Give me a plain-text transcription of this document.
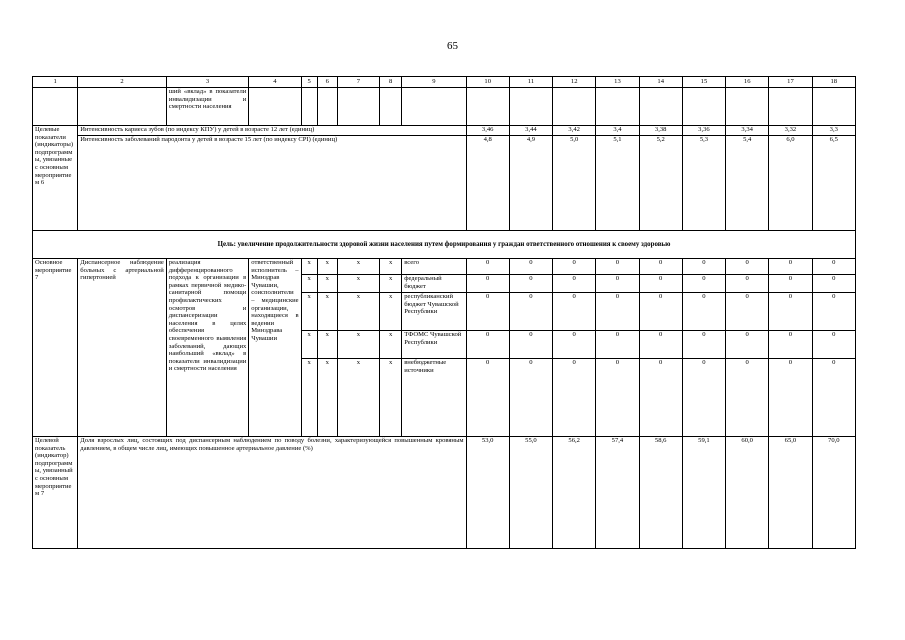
65
1	2	3	4	5	6	7	8	9	10	11	12	13	14	15	16	17	18
		ший «вклад» в показатели инвалидизации и смертности населения															
Целевые показатели (индикаторы) подпрограммы, увязанные с основным мероприятием 6	Интенсивность кариеса зубов (по индексу КПУ) у детей в возрасте 12 лет (единиц)								3,46	3,44	3,42	3,4	3,38	3,36	3,34	3,32	3,3
	Интенсивность заболеваний пародонта у детей в возрасте 15 лет (по индексу CPI) (единиц)								4,8	4,9	5,0	5,1	5,2	5,3	5,4	6,0	6,5
Цель: увеличение продолжительности здоровой жизни населения путем формирования у граждан ответственного отношения к своему здоровью																	
Основное мероприятие 7	Диспансерное наблюдение больных с артериальной гипертонией	реализация дифференцированного подхода к организации в рамках первичной медико-санитарной помощи профилактических осмотров и диспансеризации населения в целях обеспечения своевременного выявления заболеваний, дающих наибольший «вклад» в показатели инвалидизации и смертности населения	ответственный исполнитель – Минздрав Чувашии, соисполнители – медицинские организации, находящиеся в ведении Минздрава Чувашии	x	x	x	x	всего	0	0	0	0	0	0	0	0	0
				x	x	x	x	федеральный бюджет	0	0	0	0	0	0	0	0	0
				x	x	x	x	республиканский бюджет Чувашской Республики	0	0	0	0	0	0	0	0	0
				x	x	x	x	ТФОМС Чувашской Республики	0	0	0	0	0	0	0	0	0
				x	x	x	x	внебюджетные источники	0	0	0	0	0	0	0	0	0
Целевой показатель (индикатор) подпрограммы, увязанный с основным мероприятием 7	Доля взрослых лиц, состоящих под диспансерным наблюдением по поводу болезни, характеризующейся повышенным кровяным давлением, в общем числе лиц, имеющих повышенное артериальное давление (%)								53,0	55,0	56,2	57,4	58,6	59,1	60,0	65,0	70,0
